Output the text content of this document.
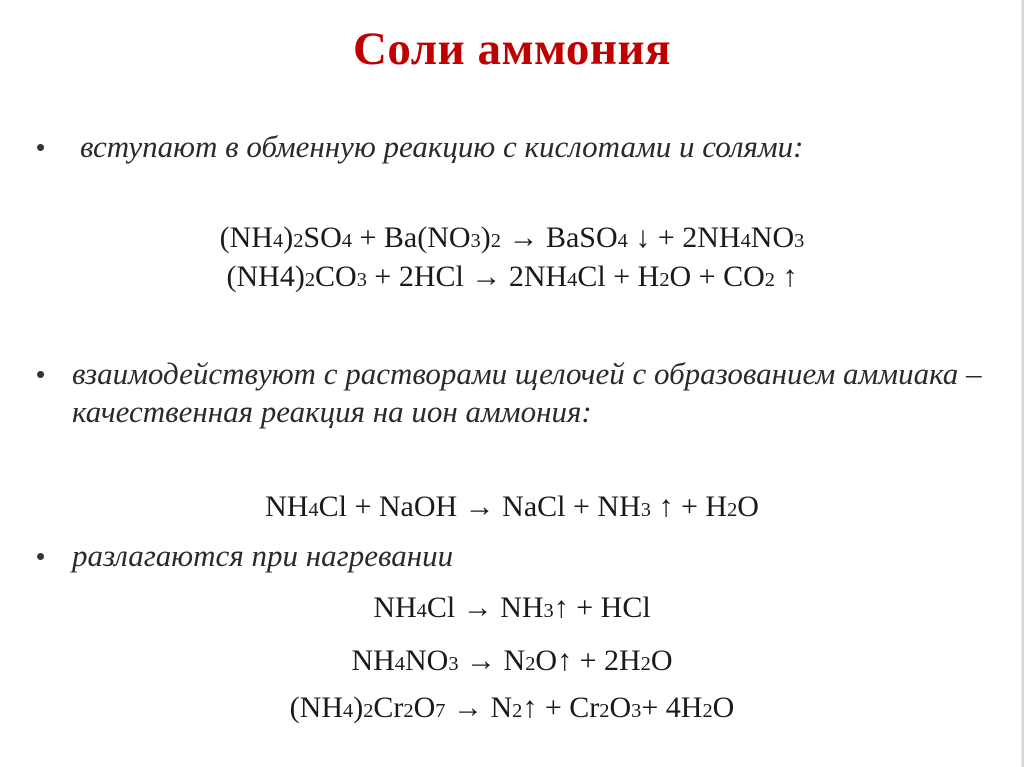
Соли аммония
• вступают в обменную реакцию с кислотами и солями:
(NH4)2SO4 + Ba(NO3)2 → BaSO4 ↓ + 2NH4NO3
(NH4)2CO3 + 2HCl → 2NH4Cl + H2O + CO2 ↑
• взаимодействуют с растворами щелочей с образованием аммиака – качественная реакция на ион аммония:
NH4Cl + NaOH → NaCl + NH3 ↑ + H2O
• разлагаются при нагревании
NH4Cl → NH3↑ + HCl
NH4NO3 → N2O↑ + 2H2O
(NH4)2Cr2O7 → N2↑ + Cr2O3+ 4H2O
